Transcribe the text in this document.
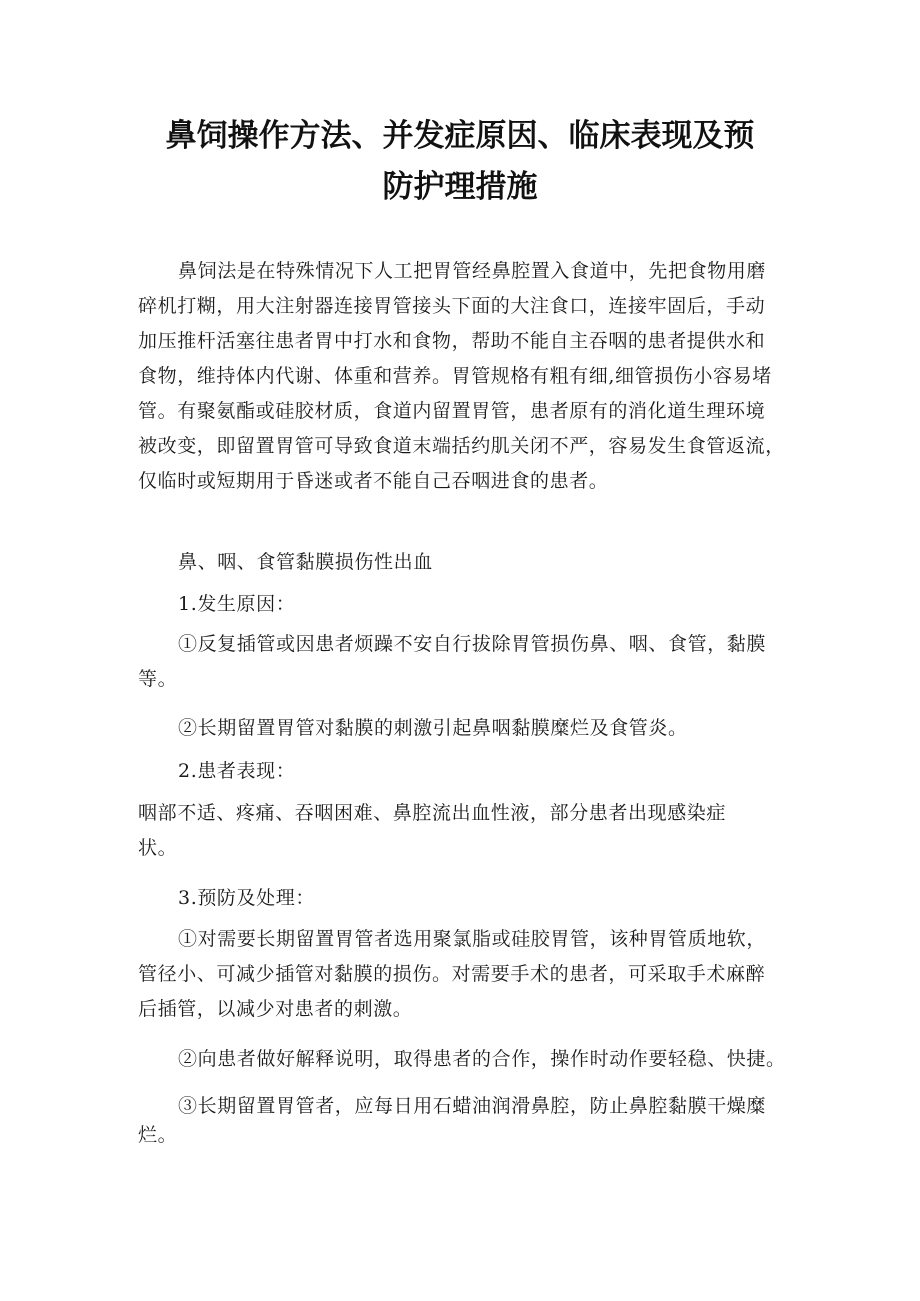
鼻饲操作方法、并发症原因、临床表现及预
防护理措施
鼻饲法是在特殊情况下人工把胃管经鼻腔置入食道中，先把食物用磨
碎机打糊，用大注射器连接胃管接头下面的大注食口，连接牢固后，手动
加压推杆活塞往患者胃中打水和食物，帮助不能自主吞咽的患者提供水和
食物，维持体内代谢、体重和营养。胃管规格有粗有细,细管损伤小容易堵
管。有聚氨酯或硅胶材质，食道内留置胃管，患者原有的消化道生理环境
被改变，即留置胃管可导致食道末端括约肌关闭不严，容易发生食管返流，
仅临时或短期用于昏迷或者不能自己吞咽进食的患者。
鼻、咽、食管黏膜损伤性出血
1.发生原因：
①反复插管或因患者烦躁不安自行拔除胃管损伤鼻、咽、食管，黏膜
等。
②长期留置胃管对黏膜的刺激引起鼻咽黏膜糜烂及食管炎。
2.患者表现：
咽部不适、疼痛、吞咽困难、鼻腔流出血性液，部分患者出现感染症
状。
3.预防及处理：
①对需要长期留置胃管者选用聚氯脂或硅胶胃管，该种胃管质地软，
管径小、可减少插管对黏膜的损伤。对需要手术的患者，可采取手术麻醉
后插管，以减少对患者的刺激。
②向患者做好解释说明，取得患者的合作，操作时动作要轻稳、快捷。
③长期留置胃管者，应每日用石蜡油润滑鼻腔，防止鼻腔黏膜干燥糜
烂。
